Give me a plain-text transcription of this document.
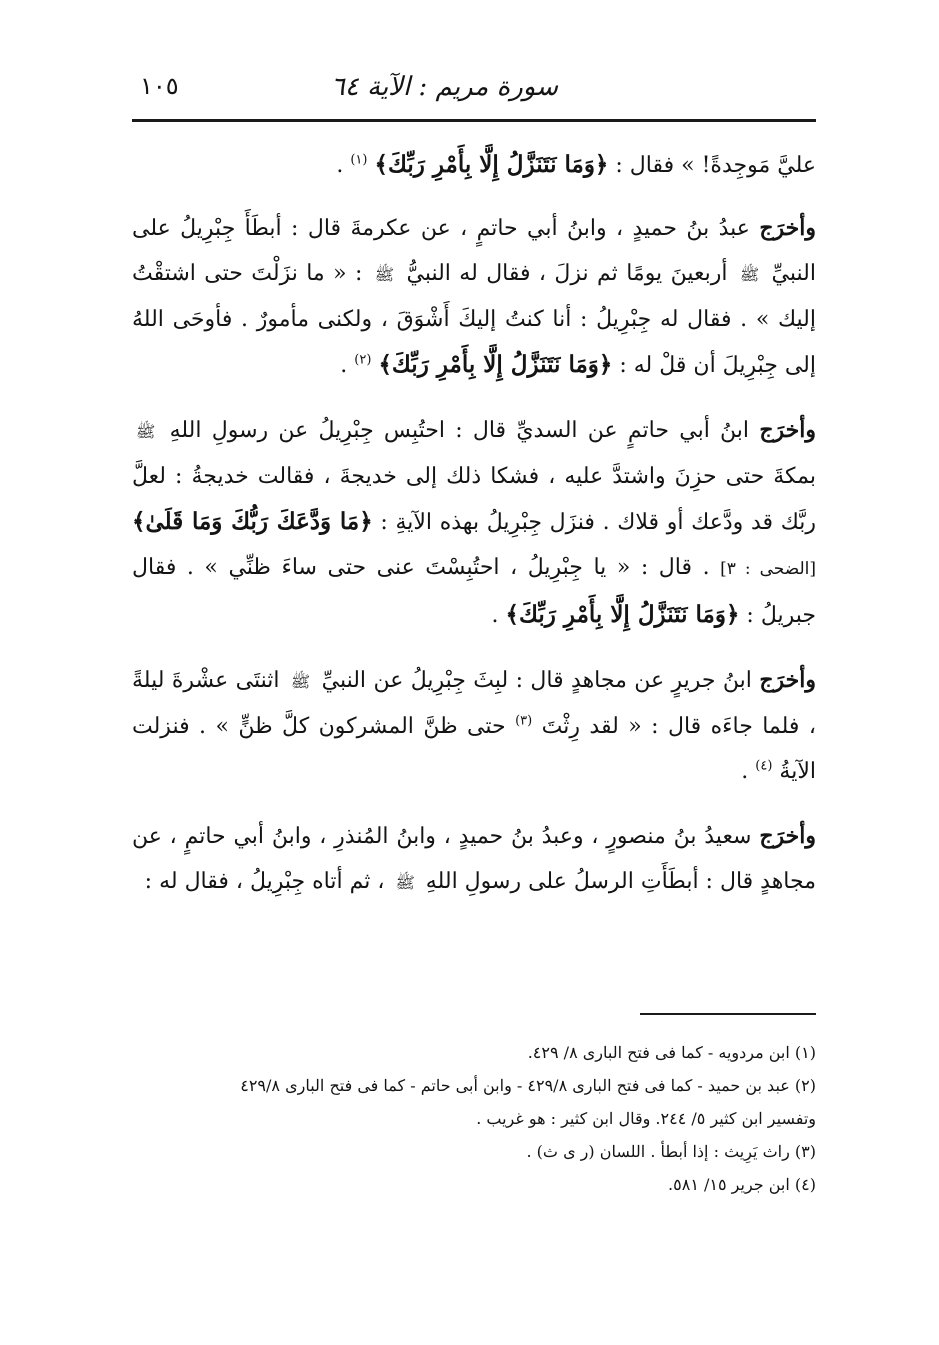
سورة مريم : الآية ٦٤
١٠٥

عليَّ مَوجِدةً! » فقال : ﴿وَمَا نَتَنَزَّلُ إِلَّا بِأَمْرِ رَبِّكَ﴾ $^{(١)}$ .

وأخرَج عبدُ بنُ حميدٍ ، وابنُ أبي حاتمٍ ، عن عكرمةَ قال : أبطَأَ جِبْرِيلُ على النبيِّ ﷺ أربعينَ يومًا ثم نزلَ ، فقال له النبيُّ ﷺ : « ما نزَلْتَ حتى اشتقْتُ إليك » . فقال له جِبْرِيلُ : أنا كنتُ إليكَ أَشْوَقَ ، ولكنى مأمورٌ . فأوحَى اللهُ إلى جِبْرِيلَ أن قلْ له : ﴿وَمَا نَتَنَزَّلُ إِلَّا بِأَمْرِ رَبِّكَ﴾ $^{(٢)}$ .

وأخرَج ابنُ أبي حاتمٍ عن السديِّ قال : احتُبِس جِبْرِيلُ عن رسولِ اللهِ ﷺ بمكةَ حتى حزِنَ واشتدَّ عليه ، فشكا ذلك إلى خديجةَ ، فقالت خديجةُ : لعلَّ ربَّك قد ودَّعك أو قلاك . فنزَل جِبْرِيلُ بهذه الآيةِ : ﴿مَا وَدَّعَكَ رَبُّكَ وَمَا قَلَىٰ﴾ [الضحى : ٣] . قال : « يا جِبْرِيلُ ، احتُبِسْتَ عنى حتى ساءَ ظنِّي » . فقال جبريلُ : ﴿وَمَا نَتَنَزَّلُ إِلَّا بِأَمْرِ رَبِّكَ﴾ .

وأخرَج ابنُ جريرٍ عن مجاهدٍ قال : لبِثَ جِبْرِيلُ عن النبيِّ ﷺ اثنتَى عشْرةَ ليلةً ، فلما جاءَه قال : « لقد رِثْتَ $^{(٣)}$ حتى ظنَّ المشركون كلَّ ظنٍّ » . فنزلت الآيةُ $^{(٤)}$ .

وأخرَج سعيدُ بنُ منصورٍ ، وعبدُ بنُ حميدٍ ، وابنُ المُنذرِ ، وابنُ أبي حاتمٍ ، عن مجاهدٍ قال : أبطَأَتِ الرسلُ على رسولِ اللهِ ﷺ ، ثم أتاه جِبْرِيلُ ، فقال له :

(١) ابن مردويه - كما فى فتح البارى ٨/ ٤٢٩.

(٢) عبد بن حميد - كما فى فتح البارى ٤٢٩/٨ - وابن أبى حاتم - كما فى فتح البارى ٤٢٩/٨

وتفسير ابن كثير ٥/ ٢٤٤. وقال ابن كثير : هو غريب .

(٣) راث يَرِيث : إذا أبطأ . اللسان (ر ى ث) .

(٤) ابن جرير ١٥/ ٥٨١.
